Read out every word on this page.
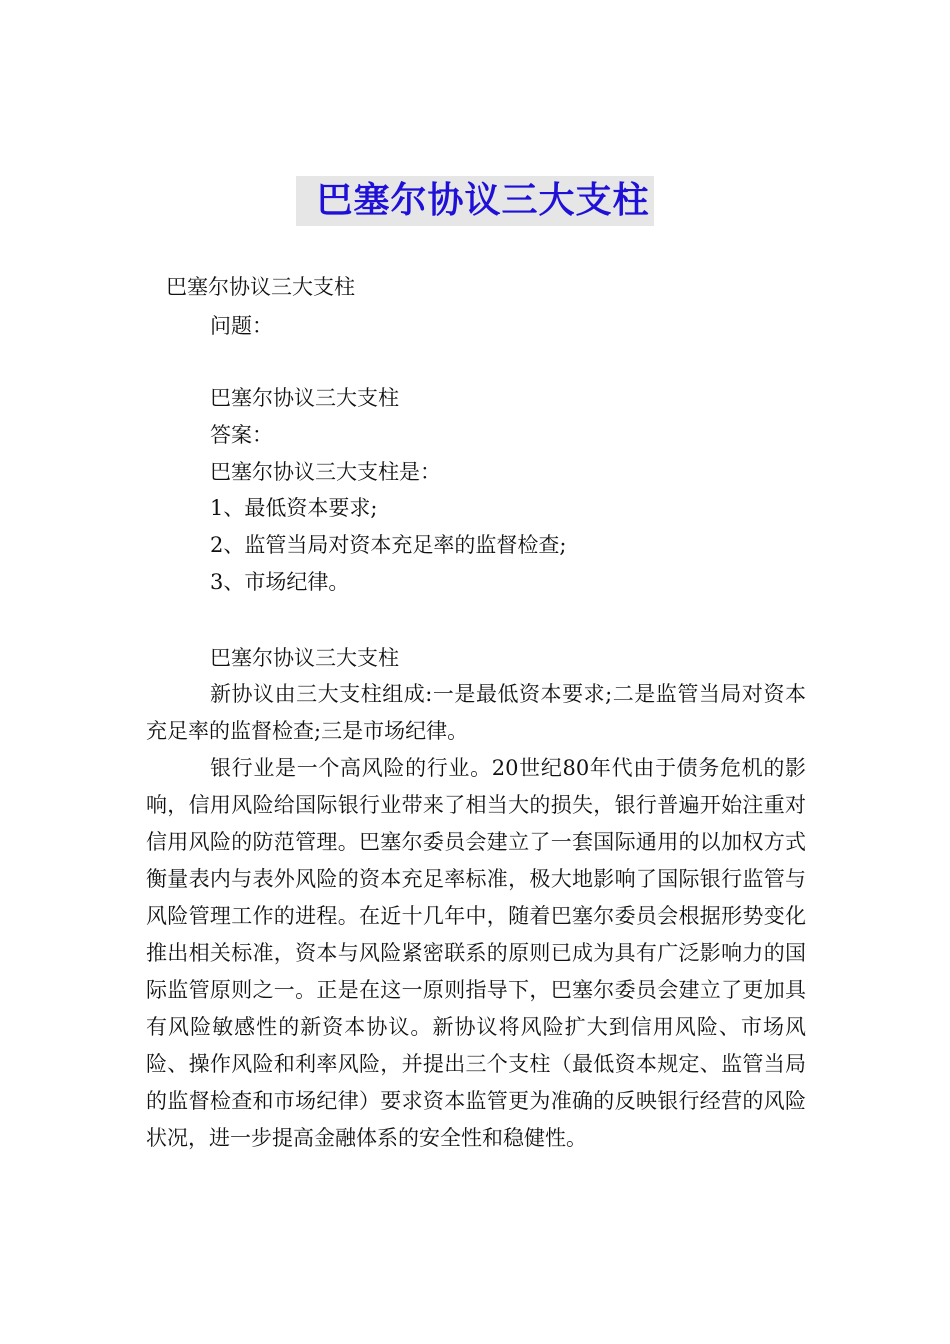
巴塞尔协议三大支柱
巴塞尔协议三大支柱
问题：
巴塞尔协议三大支柱
答案：
巴塞尔协议三大支柱是：
1、最低资本要求;
2、监管当局对资本充足率的监督检查;
3、市场纪律。
巴塞尔协议三大支柱

新协议由三大支柱组成:一是最低资本要求;二是监管当局对资本充足率的监督检查;三是市场纪律。

银行业是一个高风险的行业。20世纪80年代由于债务危机的影响，信用风险给国际银行业带来了相当大的损失，银行普遍开始注重对信用风险的防范管理。巴塞尔委员会建立了一套国际通用的以加权方式衡量表内与表外风险的资本充足率标准，极大地影响了国际银行监管与风险管理工作的进程。在近十几年中，随着巴塞尔委员会根据形势变化推出相关标准，资本与风险紧密联系的原则已成为具有广泛影响力的国际监管原则之一。正是在这一原则指导下，巴塞尔委员会建立了更加具有风险敏感性的新资本协议。新协议将风险扩大到信用风险、市场风险、操作风险和利率风险，并提出三个支柱（最低资本规定、监管当局的监督检查和市场纪律）要求资本监管更为准确的反映银行经营的风险状况，进一步提高金融体系的安全性和稳健性。
